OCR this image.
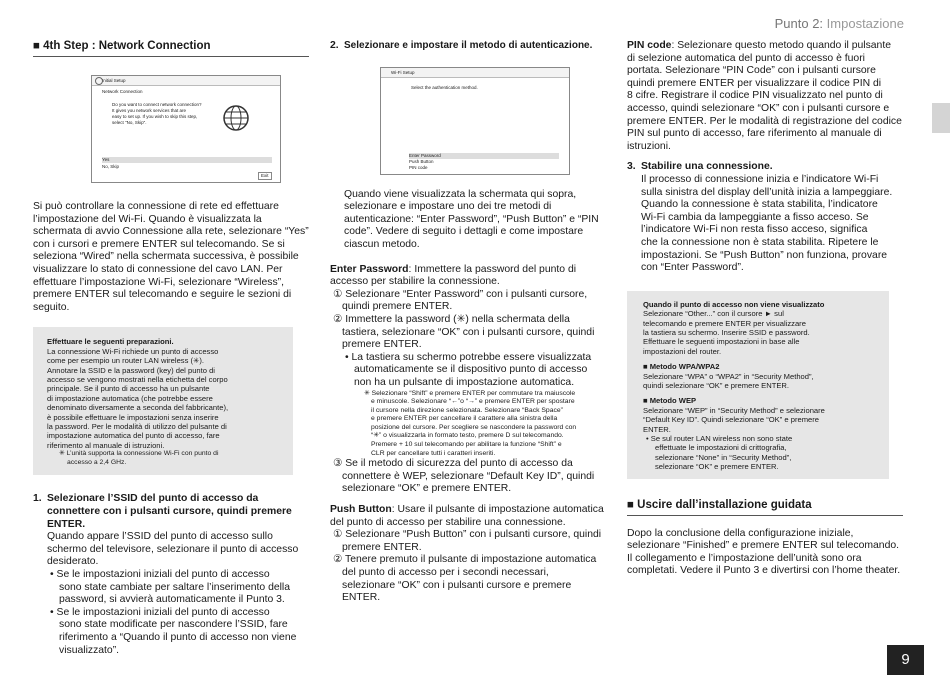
Punto 2: Impostazione
■ 4th Step : Network Connection
Initial Setup
Network Connection
Do you want to connect network connection?
It gives you network services that are
easy to set up. If you wish to skip this step,
select "No, Skip".
Yes
No, Skip
Exit

Si può controllare la connessione di rete ed effettuare

l’impostazione del Wi-Fi. Quando è visualizzata la

schermata di avvio Connessione alla rete, selezionare “Yes”

con i cursori e premere ENTER sul telecomando. Se si

seleziona “Wired” nella schermata successiva, è possibile

visualizzare lo stato di connessione del cavo LAN. Per

effettuare l’impostazione Wi-Fi, selezionare “Wireless”,

premere ENTER sul telecomando e seguire le sezioni di

seguito.

Effettuare le seguenti preparazioni.

La connessione Wi-Fi richiede un punto di accesso

come per esempio un router LAN wireless (✳).

Annotare la SSID e la password (key) del punto di

accesso se vengono mostrati nella etichetta del corpo

principale. Se il punto di accesso ha un pulsante

di impostazione automatica (che potrebbe essere

denominato diversamente a seconda del fabbricante),

è possibile effettuare le impostazioni senza inserire

la password. Per le modalità di utilizzo del pulsante di

impostazione automatica del punto di accesso, fare

riferimento al manuale di istruzioni.

✳ L’unità supporta la connessione Wi-Fi con punto di

accesso a 2,4 GHz.

1. Selezionare l’SSID del punto di accesso da

connettere con i pulsanti cursore, quindi premere

ENTER.

Quando appare l’SSID del punto di accesso sullo

schermo del televisore, selezionare il punto di accesso

desiderato.

• Se le impostazioni iniziali del punto di accesso

sono state cambiate per saltare l’inserimento della

password, si avvierà automaticamente il Punto 3.

• Se le impostazioni iniziali del punto di accesso

sono state modificate per nascondere l’SSID, fare

riferimento a “Quando il punto di accesso non viene

visualizzato”.

2. Selezionare e impostare il metodo di autenticazione.

Wi-Fi Setup
Select the authentication method.
Enter Password
Push Button
PIN code

Quando viene visualizzata la schermata qui sopra,

selezionare e impostare uno dei tre metodi di

autenticazione: “Enter Password”, “Push Button” e “PIN

code”. Vedere di seguito i dettagli e come impostare

ciascun metodo.

Enter Password: Immettere la password del punto di

accesso per stabilire la connessione.

① Selezionare “Enter Password” con i pulsanti cursore,

quindi premere ENTER.

② Immettere la password (✳) nella schermata della

tastiera, selezionare “OK” con i pulsanti cursore, quindi

premere ENTER.

• La tastiera su schermo potrebbe essere visualizzata

automaticamente se il dispositivo punto di accesso

non ha un pulsante di impostazione automatica.

✳ Selezionare “Shift” e premere ENTER per commutare tra maiuscole

e minuscole. Selezionare “←”o “→” e premere ENTER per spostare

il cursore nella direzione selezionata. Selezionare “Back Space”

e premere ENTER per cancellare il carattere alla sinistra della

posizione del cursore. Per scegliere se nascondere la password con

“✳” o visualizzarla in formato testo, premere D sul telecomando.

Premere + 10 sul telecomando per abilitare la funzione “Shift” e

CLR per cancellare tutti i caratteri inseriti.

③ Se il metodo di sicurezza del punto di accesso da

connettere è WEP, selezionare “Default Key ID”, quindi

selezionare “OK” e premere ENTER.

Push Button: Usare il pulsante di impostazione automatica

del punto di accesso per stabilire una connessione.

① Selezionare “Push Button” con i pulsanti cursore, quindi

premere ENTER.

② Tenere premuto il pulsante di impostazione automatica

del punto di accesso per i secondi necessari,

selezionare “OK” con i pulsanti cursore e premere

ENTER.

PIN code: Selezionare questo metodo quando il pulsante

di selezione automatica del punto di accesso è fuori

portata. Selezionare “PIN Code” con i pulsanti cursore

quindi premere ENTER per visualizzare il codice PIN di

8 cifre. Registrare il codice PIN visualizzato nel punto di

accesso, quindi selezionare “OK” con i pulsanti cursore e

premere ENTER. Per le modalità di registrazione del codice

PIN sul punto di accesso, fare riferimento al manuale di

istruzioni.

3. Stabilire una connessione.

Il processo di connessione inizia e l’indicatore Wi-Fi

sulla sinistra del display dell’unità inizia a lampeggiare.

Quando la connessione è stata stabilita, l’indicatore

Wi-Fi cambia da lampeggiante a fisso acceso. Se

l’indicatore Wi-Fi non resta fisso acceso, significa

che la connessione non è stata stabilita. Ripetere le

impostazioni. Se “Push Button” non funziona, provare

con “Enter Password”.

Quando il punto di accesso non viene visualizzato

Selezionare “Other...” con il cursore ► sul

telecomando e premere ENTER per visualizzare

la tastiera su schermo. Inserire SSID e password.

Effettuare le seguenti impostazioni in base alle

impostazioni del router.

■ Metodo WPA/WPA2

Selezionare “WPA” o “WPA2” in “Security Method”,

quindi selezionare “OK” e premere ENTER.

■ Metodo WEP

Selezionare “WEP” in “Security Method” e selezionare

“Default Key ID”. Quindi selezionare “OK” e premere

ENTER.

• Se sul router LAN wireless non sono state

effettuate le impostazioni di crittografia,

selezionare “None” in “Security Method”,

selezionare “OK” e premere ENTER.

■ Uscire dall’installazione guidata

Dopo la conclusione della configurazione iniziale,

selezionare “Finished” e premere ENTER sul telecomando.

Il collegamento e l’impostazione dell’unità sono ora

completati. Vedere il Punto 3 e divertirsi con l’home theater.

9
